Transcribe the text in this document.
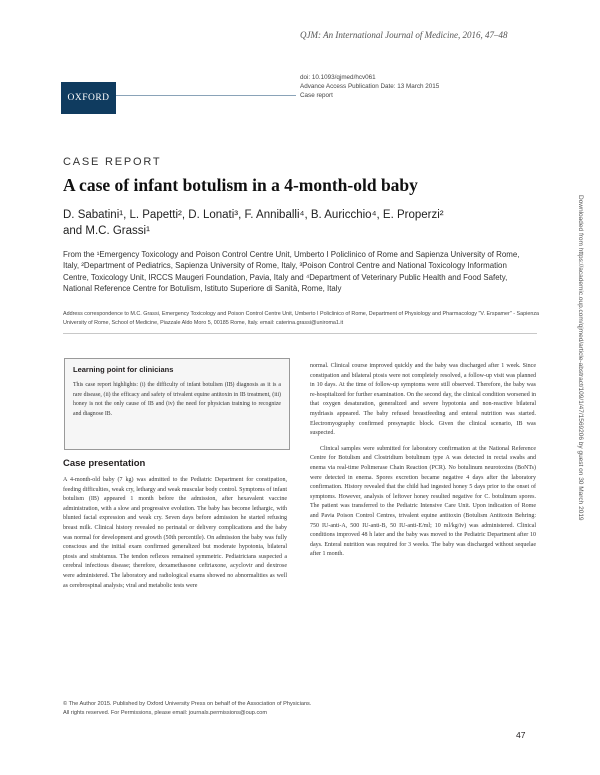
OXFORD
QJM: An International Journal of Medicine, 2016, 47–48
doi: 10.1093/qjmed/hcv061
Advance Access Publication Date: 13 March 2015
Case report
CASE REPORT
A case of infant botulism in a 4-month-old baby
D. Sabatini¹, L. Papetti², D. Lonati³, F. Anniballi⁴, B. Auricchio⁴, E. Properzi²
and M.C. Grassi¹
From the ¹Emergency Toxicology and Poison Control Centre Unit, Umberto I Policlinico of Rome and Sapienza University of Rome, Italy, ²Department of Pediatrics, Sapienza University of Rome, Italy, ³Poison Control Centre and National Toxicology Information Centre, Toxicology Unit, IRCCS Maugeri Foundation, Pavia, Italy and ⁴Department of Veterinary Public Health and Food Safety, National Reference Centre for Botulism, Istituto Superiore di Sanità, Rome, Italy
Address correspondence to M.C. Grassi, Emergency Toxicology and Poison Control Centre Unit, Umberto I Policlinico of Rome, Department of Physiology and Pharmacology "V. Erspamer" - Sapienza University of Rome, School of Medicine, Piazzale Aldo Moro 5, 00185 Rome, Italy. email: caterina.grassi@uniroma1.it
Learning point for clinicians
This case report highlights: (i) the difficulty of infant botulism (IB) diagnosis as it is a rare disease, (ii) the efficacy and safety of trivalent equine antitoxin in IB treatment, (iii) honey is not the only cause of IB and (iv) the need for physician training to recognize and diagnose IB.
Case presentation
A 4-month-old baby (7 kg) was admitted to the Pediatric Department for constipation, feeding difficulties, weak cry, lethargy and weak muscular body control. Symptoms of infant botulism (IB) appeared 1 month before the admission, after hexavalent vaccine administration, with a slow and progressive evolution. The baby has become lethargic, with blunted facial expression and weak cry. Seven days before admission he started refusing breast milk. Clinical history revealed no perinatal or delivery complications and the baby was normal for development and growth (50th percentile). On admission the baby was fully conscious and the initial exam confirmed generalized but moderate hypotonia, bilateral ptosis and strabismus. The tendon reflexes remained symmetric. Pediatricians suspected a cerebral infectious disease; therefore, dexamethasone ceftriaxone, acyclovir and dextrose were administered. The laboratory and radiological exams showed no abnormalities as well as cerebrospinal analysis; viral and metabolic tests were

normal. Clinical course improved quickly and the baby was discharged after 1 week. Since constipation and bilateral ptosis were not completely resolved, a follow-up visit was planned in 10 days. At the time of follow-up symptoms were still observed. Therefore, the baby was re-hospitalized for further examination. On the second day, the clinical condition worsened in that oxygen desaturation, generalized and severe hypotonia and non-reactive bilateral mydriasis appeared. The baby refused breastfeeding and enteral nutrition was started. Electromyography confirmed presynaptic block. Given the clinical scenario, IB was suspected.

Clinical samples were submitted for laboratory confirmation at the National Reference Centre for Botulism and Clostridium botulinum type A was detected in rectal swabs and enema via real-time Polimerase Chain Reaction (PCR). No botulinum neurotoxins (BoNTs) were detected in enema. Spores excretion became negative 4 days after the laboratory confirmation. History revealed that the child had ingested honey 5 days prior to the onset of symptoms. However, analysis of leftover honey resulted negative for C. botulinum spores. The patient was transferred to the Pediatric Intensive Care Unit. Upon indication of Rome and Pavia Poison Control Centres, trivalent equine antitoxin (Botulism Antitoxin Behring: 750 IU-anti-A, 500 IU-anti-B, 50 IU-anti-E/ml; 10 ml/kg/iv) was administered. Clinical conditions improved 48 h later and the baby was moved to the Pediatric Department after 10 days. Enteral nutrition was required for 3 weeks. The baby was discharged without sequelae after 1 month.

© The Author 2015. Published by Oxford University Press on behalf of the Association of Physicians.
All rights reserved. For Permissions, please email: journals.permissions@oup.com
47
Downloaded from https://academic.oup.com/qjmed/article-abstract/109/1/47/1569206 by guest on 30 March 2019
